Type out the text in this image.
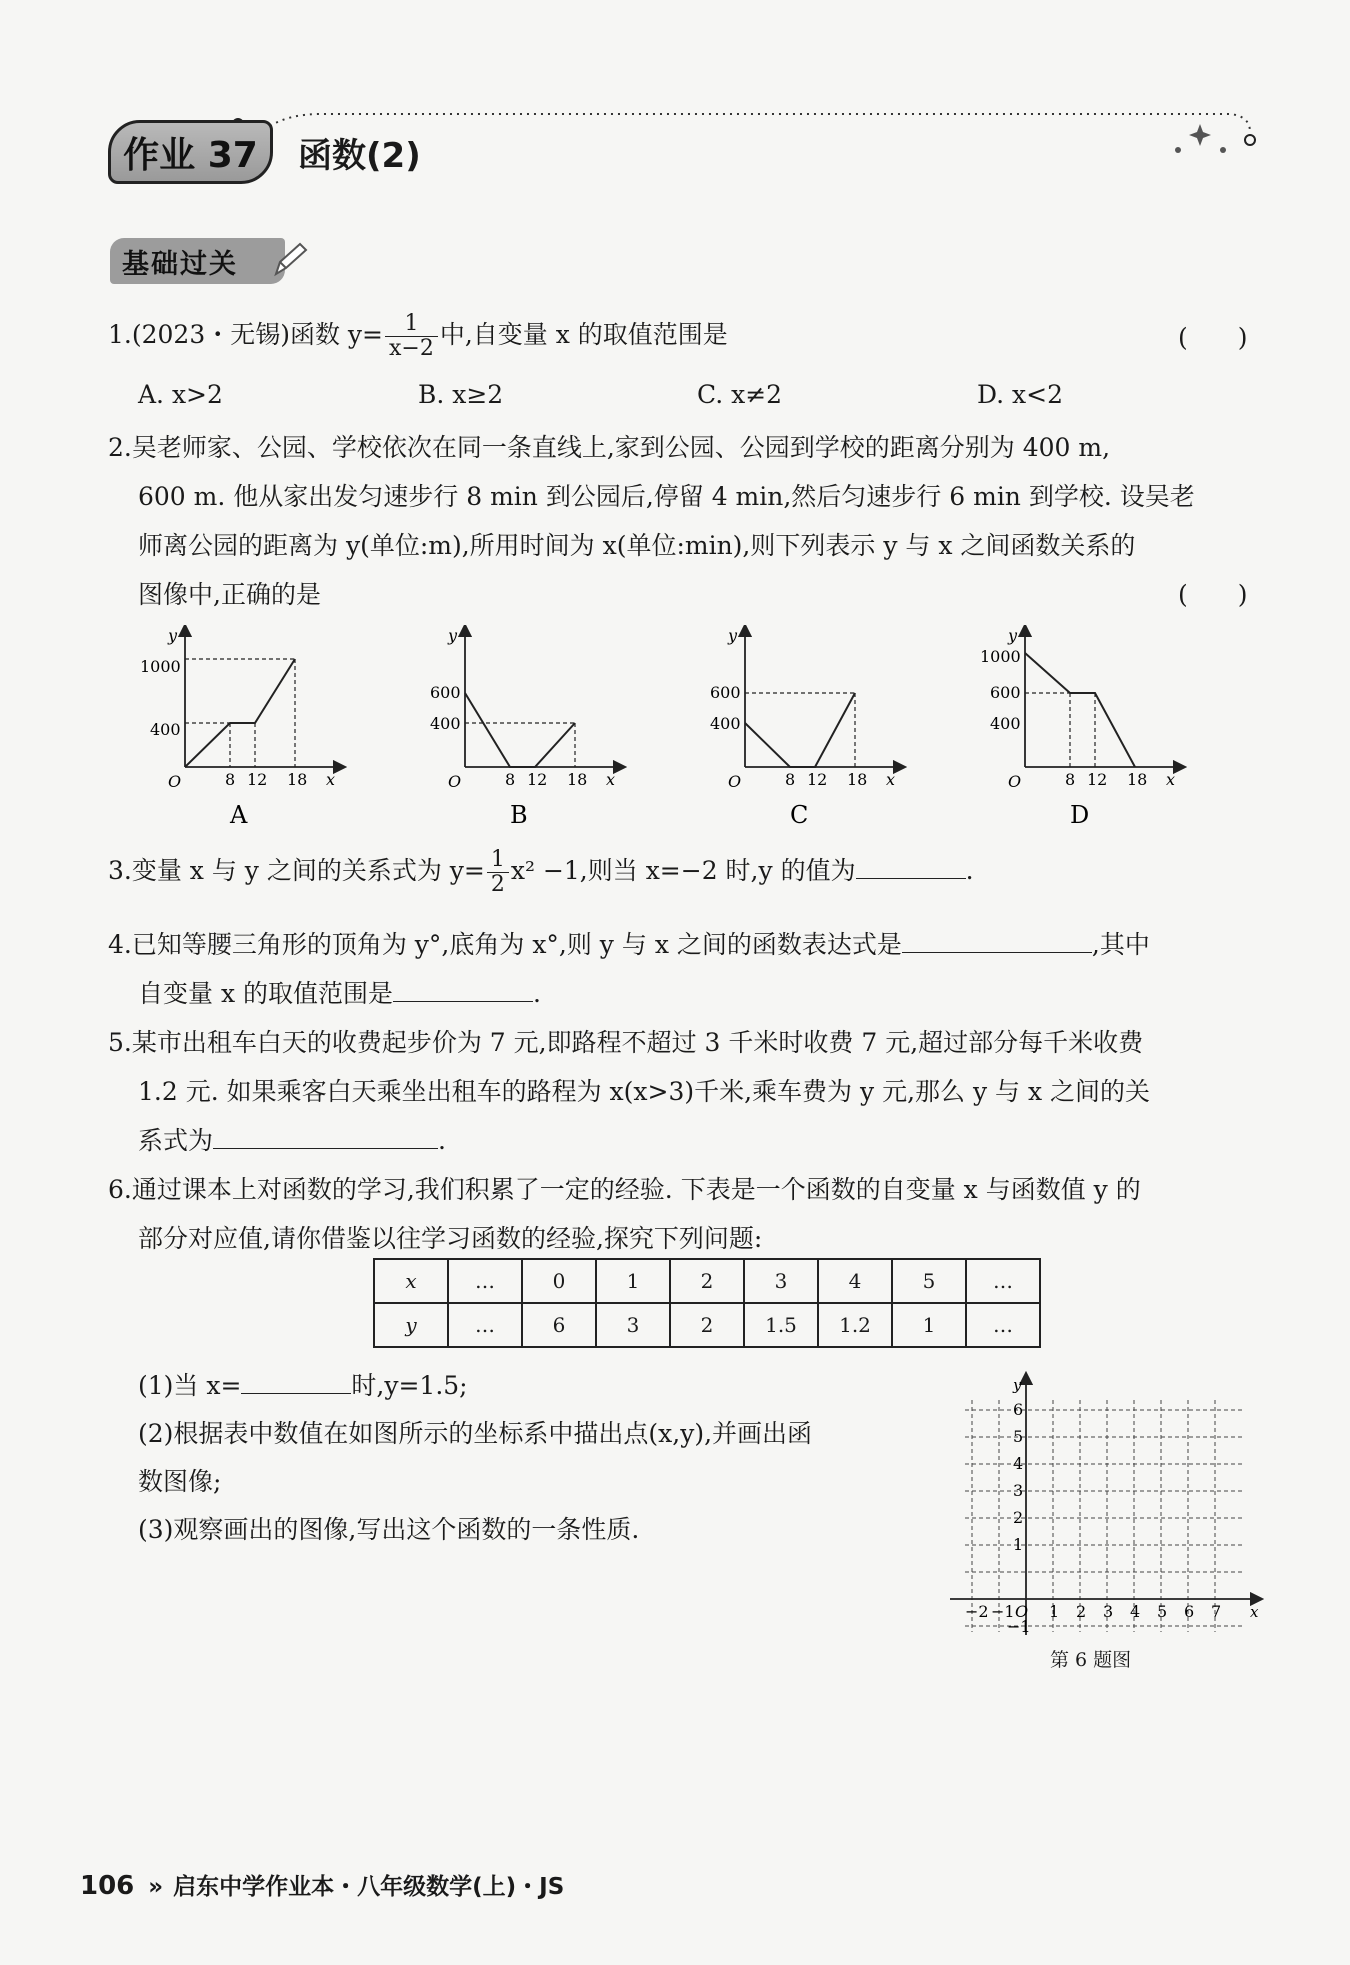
作业 37	函数(2)
基础过关
1.(2023・无锡)函数 $y= \frac{1}{x-2}$ 中,自变量 x 的取值范围是	(　　)
A. x>2	B. x≥2	C. x≠2	D. x<2
2.吴老师家、公园、学校依次在同一条直线上,家到公园、公园到学校的距离分别为 400 m,
600 m. 他从家出发匀速步行 8 min 到公园后,停留 4 min,然后匀速步行 6 min 到学校. 设吴老
师离公园的距离为 y(单位:m),所用时间为 x(单位:min),则下列表示 y 与 x 之间函数关系的
图像中,正确的是	(　　)
y
x
O
1000
400
8 12 18
A
y
x
O
600
400
8 12 18
B
y
x
O
600
400
8 12 18
C
y
x
O
1000
600
400
8 12 18
D
3.变量 x 与 y 之间的关系式为 $y= \frac{1}{2} x^2 -1$,则当 x=−2 时,y 的值为	.
4.已知等腰三角形的顶角为 y°,底角为 x°,则 y 与 x 之间的函数表达式是	,其中
自变量 x 的取值范围是	.
5.某市出租车白天的收费起步价为 7 元,即路程不超过 3 千米时收费 7 元,超过部分每千米收费
1.2 元. 如果乘客白天乘坐出租车的路程为 x(x>3)千米,乘车费为 y 元,那么 y 与 x 之间的关
系式为	.
6.通过课本上对函数的学习,我们积累了一定的经验. 下表是一个函数的自变量 x 与函数值 y 的
部分对应值,请你借鉴以往学习函数的经验,探究下列问题:
x	…	0	1	2	3	4	5	…
y	…	6	3	2	1.5	1.2	1	…
(1)当 x=	时,y=1.5;
(2)根据表中数值在如图所示的坐标系中描出点(x,y),并画出函
数图像;
(3)观察画出的图像,写出这个函数的一条性质.
y
x
−2 −1 O 1 2 3 4 5 6 7
6
5
4
3
2
1
−1
第 6 题图
106 » 启东中学作业本・八年级数学(上)・JS
